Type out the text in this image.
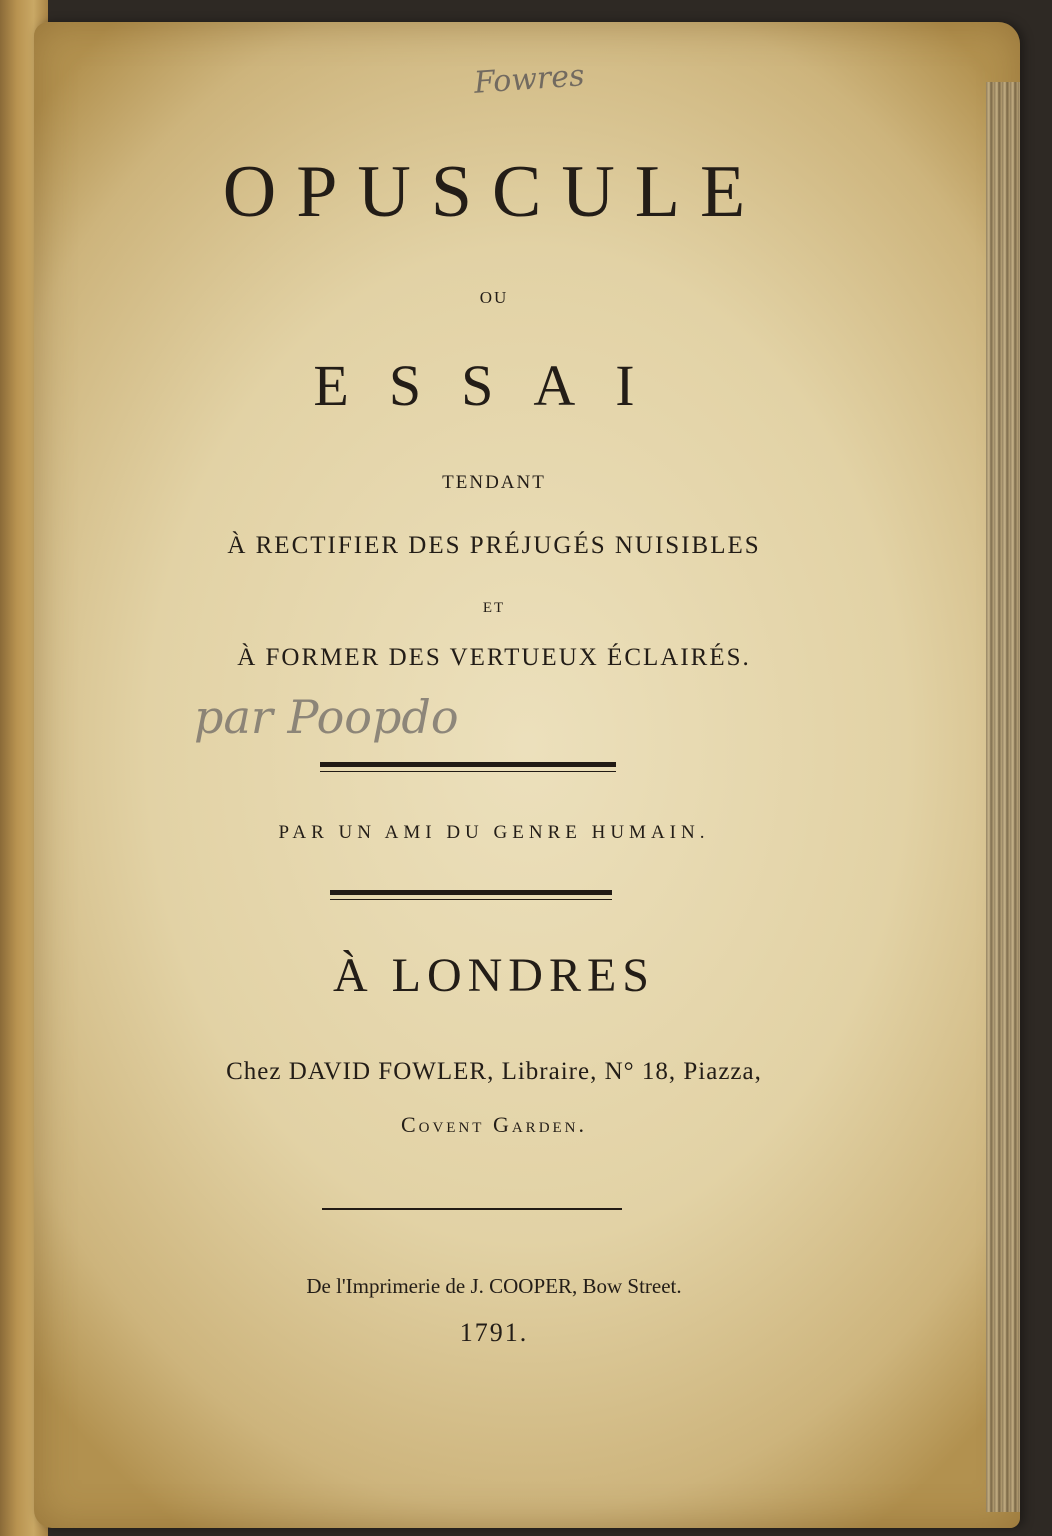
Fowres
OPUSCULE
OU
ESSAI
TENDANT
À RECTIFIER DES PRÉJUGÉS NUISIBLES
ET
À FORMER DES VERTUEUX ÉCLAIRÉS.
par Poopdo
PAR UN AMI DU GENRE HUMAIN.
À LONDRES
Chez DAVID FOWLER, Libraire, N° 18, Piazza,
Covent Garden.
De l'Imprimerie de J. COOPER, Bow Street.
1791.
